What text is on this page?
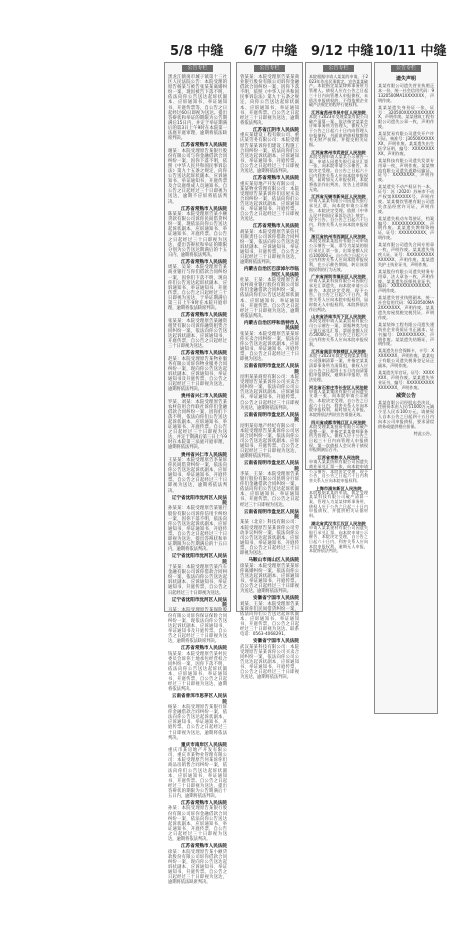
5/8 中缝 6/7 中缝 9/12 中缝 10/11 中缝
公告专栏
黑龙江鹤岗市城子镇第十三社区人民法院公告：本院受理的原告杨某与被告张某某离婚纠纷一案，现因被告下落不明，依法向你公告送达起诉状副本、应诉通知书、举证通知书、开庭传票等，自公告之日起经过60日即视为送达。提出答辩状和举证的期限为公告期满后15日内，并定于举证期满后的第3日上午9时在本院第一法庭开庭审理，逾期将依法缺席判决。
江苏省常熟市人民法院
谢某：本院受理原告某银行股份有限公司与你金融借款合同纠纷一案，因你下落不明，依照《中华人民共和国民事诉讼法》第九十五条之规定，向你公告送达起诉状副本、应诉通知书、举证通知书、开庭传票及合议庭组成人员通知书。自公告之日起经过三十日即视为送达，逾期不应诉将依法判决。
江苏省常熟市人民法院
陈某某：本院受理原告某小额贷款有限公司诉你民间借贷纠纷一案，现依法向你公告送达起诉状副本、应诉通知书、举证通知书、开庭传票。自公告之日起经过三十日即视为送达，提出答辩状和举证的期限分别为公告送达期满后的十五日内，逾期将依法判决。
江苏省常熟市人民法院
周某、吴某：本院受理原告某商业银行与你们借款合同纠纷一案，因你们下落不明，现向你们公告送达起诉状副本、应诉通知书、举证通知书、开庭传票。自公告之日起经过三十日即视为送达，于举证期满后第三日上午9时在本院开庭审理，逾期将依法缺席判决。
江苏省常熟市人民法院
张某某：本院受理原告某融资租赁有限公司诉你融资租赁合同纠纷一案，依法向你公告送达起诉状副本、应诉通知书、开庭传票，自公告之日起经过三十日即视为送达。
江苏省常熟市人民法院
赵某：本院受理原告某物业服务有限公司诉你物业服务合同纠纷一案，现向你公告送达起诉状副本、应诉通知书、举证通知书及开庭传票，自公告之日起经过三十日即视为送达，逾期将依法判决。
贵州省兴仁市人民法院
罗某、刘某：本院受理原告某农村信用合作联社诉你们金融借款合同纠纷一案，因你们下落不明，依法向你们公告送达起诉状副本、应诉通知书、举证通知书、开庭传票。自公告之日起经过三十日即视为送达，并定于期满后第三日上午9时在本院第三法庭开庭审理，逾期将依法判决。
贵州省兴仁市人民法院
王某某：本院受理原告李某诉你民间借贷纠纷一案，依法向你公告送达起诉状副本、应诉通知书、举证通知书、开庭传票。自公告之日起经过三十日即视为送达，逾期将依法判决。
辽宁省沈阳市沈河区人民法院
孙某某：本院受理原告某银行股份有限公司诉你信用卡纠纷一案，因你下落不明，依法向你公告送达起诉状副本、应诉通知书、举证通知书、开庭传票。自公告之日起经过三十日即视为送达，提出答辩状和举证期限为公告期满后的十五日内，逾期将依法判决。
辽宁省沈阳市沈河区人民法院
于某某：本院受理原告某汽车金融有限公司诉你借款合同纠纷一案，依法向你公告送达起诉状副本、应诉通知书、举证通知书、开庭传票，自公告之日起经过三十日即视为送达。
辽宁省沈阳市沈河区人民法院
马某：本院受理原告某保险股份有限公司诉你保证保险合同纠纷一案，现依法向你公告送达起诉状副本、应诉通知书、举证通知书及开庭传票。自公告之日起经过三十日即视为送达，逾期将依法缺席判决。
江苏省常熟市人民法院
钱某某：本院受理原告某村民委员会诉你土地承包经营权合同纠纷一案，因你下落不明，依法向你公告送达起诉状副本、应诉通知书、举证通知书、开庭传票，自公告之日起经过三十日即视为送达，逾期将依法判决。
云南省普洱市思茅区人民法院
杨某：本院受理原告某银行诉你金融借款合同纠纷一案，依法向你公告送达起诉状副本、应诉通知书、举证通知书、开庭传票。自公告之日起经过三十日即视为送达，逾期将依法判决。
重庆市南岸区人民法院
重庆市某房地产开发有限公司、重庆市某物业管理有限公司：本院受理原告何某诉你们商品房销售合同纠纷一案，依法向你们公告送达起诉状副本、应诉通知书、举证通知书、开庭传票。自公告之日起经过三十日即视为送达，提出答辩状的期限为公告期满后十五日内，逾期将依法判决。
江苏省常熟市人民法院
孙某：本院受理原告某银行股份有限公司诉你金融借款合同纠纷一案，依法向你公告送达起诉状副本、应诉通知书、举证通知书、开庭传票，自公告之日起经过三十日即视为送达，逾期将依法判决。
江苏省常熟市人民法院
徐某：本院受理原告某小额贷款股份有限公司诉你借款合同纠纷一案，现向你公告送达起诉状副本、应诉通知书、举证通知书、开庭传票。自公告之日起经过三十日即视为送达，逾期将依法缺席判决。
公告专栏
曾某某：本院受理原告某某商业银行股份有限公司诉你金融借款合同纠纷一案，因你下落不明，依照《中华人民共和国民事诉讼法》第九十五条之规定，向你公告送达起诉状副本、应诉通知书、举证通知书、开庭传票。自公告之日起经过三十日即视为送达，逾期将依法判决。
江苏省江阴市人民法院
重庆某建设工程有限公司、重庆某劳务有限公司：本院受理原告某某诉你们建设工程施工合同纠纷一案，依法向你们公告送达起诉状副本、应诉通知书、举证通知书、开庭传票，自公告之日起经过三十日即视为送达，逾期将依法判决。
江苏省常熟市人民法院
重庆某房地产开发有限公司、某某物业管理有限公司：本院受理原告某某诉你们房屋买卖合同纠纷一案，依法向你们公告送达起诉状副本、应诉通知书、举证通知书、开庭传票。自公告之日起经过三十日即视为送达。
江苏省常熟市人民法院
胡某某：本院受理原告某信托有限责任公司诉你借款合同纠纷一案，依法向你公告送达起诉状副本、应诉通知书、举证通知书、开庭传票，自公告之日起经过三十日即视为送达，逾期将依法判决。
内蒙古自治区巴彦淖尔市临河区人民法院
杜某、王某：本院受理原告某农村商业银行股份有限公司诉你们金融借款合同纠纷一案，依法向你们公告送达起诉状副本、应诉通知书、举证通知书、开庭传票。自公告之日起经过三十日即视为送达，逾期将依法判决。
内蒙古自治区呼和浩特市人民法院
张某某：本院受理原告某某诉你买卖合同纠纷一案，依法向你公告送达起诉状副本、应诉通知书、举证通知书、开庭传票，自公告之日起经过三十日即视为送达。
云南省昆明市盘龙区人民法院
昆明某某商贸有限公司：本院受理原告某某诉你公司买卖合同纠纷一案，依法向你公司公告送达起诉状副本、应诉通知书、举证通知书、开庭传票。自公告之日起经过三十日即视为送达，逾期将依法判决。
云南省昆明市盘龙区人民法院
昆明某房地产经纪有限公司：本院受理原告某某诉你公司居间合同纠纷一案，依法向你公司公告送达起诉状副本、应诉通知书、开庭传票，自公告之日起经过三十日即视为送达，逾期将依法判决。
云南省昆明市盘龙区人民法院
李某、王某：本院受理原告某银行股份有限公司昆明分行诉你们金融借款合同纠纷一案，依法向你们公告送达起诉状副本、应诉通知书、举证通知书、开庭传票。自公告之日起经过三十日即视为送达。
云南省昆明市盘龙区人民法院
某某（北京）科技有限公司：本院受理原告某某诉你公司劳动争议纠纷一案，依法向你公司公告送达起诉状副本、应诉通知书、举证通知书、开庭传票，自公告之日起经过三十日即视为送达。
马鞍山市雨山区人民法院
徐某某：本院受理原告某某诉你离婚纠纷一案，依法向你公告送达起诉状副本、应诉通知书、举证通知书、开庭传票。自公告之日起经过三十日即视为送达，逾期将依法判决。
安徽省宁国市人民法院
刘某、王某：本院受理原告某某诉你们民间借贷纠纷一案，依法向你们公告送达起诉状副本、应诉通知书、举证通知书、开庭传票，自公告之日起经过三十日即视为送达。联系电话：0563-4068291。
安徽省宁国市人民法院
武汉某某科技有限公司：本院受理原告某某诉你公司买卖合同纠纷一案，依法向你公司公告送达起诉状副本、应诉通知书、举证通知书、开庭传票，自公告之日起经过三十日即视为送达，逾期将依法判决。
公告专栏
本院根据申请人某某的申请，于2023年作出民事裁定，宣告某某破产。本院指定某某律师事务所为管理人。债权人应在公告之日起三十日内向管理人申报债权，未依法申报债权的，不得依照企业破产法规定的程序行使权利。
江苏省苏州市吴中区人民法院
本院于2023年受理某某有限公司破产清算一案，依法指定某某会计师事务所为管理人，债权人应于公告之日起六十日内向管理人申报债权，书面说明债权数额和有无财产担保，并提交相关证据。
江苏省常州市武进区人民法院
本院受理申请人某某公示催告一案，申请人因遗失银行承兑汇票一张，向本院申请公示催告，本院决定受理。自公告之日起六十日内利害关系人应向本院申报权利，届时如无人申报权利，本院将依法作出判决，宣告上述票据无效。
江苏省无锡市新吴区人民法院
申请人某某有限公司因遗失银行承兑汇票，向本院申请公示催告，本院决定受理。依照《中华人民共和国民事诉讼法》规定，现予公告。自公告之日起六十日内，利害关系人应向本院申报权利。
浙江省杭州市西湖区人民法院
本院受理某某股份有限公司申请公示催告一案，票号为某某的银行承兑汇票一张，出票金额人民币100000元，自公告之日起六十日内利害关系人应向本院申报权利，在公示催告期间，转让该票据权利的行为无效。
广东省深圳市福田区人民法院
申请人某某科技有限公司因银行承兑汇票遗失，向本院申请公示催告，本院决定受理，现予公告。自公告之日起六十日内，利害关系人应向本院申报权利，届时如无人申报权利，本院将依法作出判决。
山东省济南市历下区人民法院
本院受理申请人某某贸易有限公司公示催告一案，票据种类为电子银行承兑汇票，票面金额人民币50000元，自公告之日起六十日内利害关系人应向本院申报权利。
江苏省南京市鼓楼区人民法院
本院于2023年裁定受理某某有限公司强制清算一案，并指定某某清算事务所为清算组，债权人应自公告之日起四十五日内向清算组申报债权，逾期未申报的，依法处理。
河北省石家庄市长安区人民法院
申请人某某集团有限公司因遗失支票一张，向本院申请公示催告，本院决定受理，自公告之日起六十日内，利害关系人应向本院申报权利，届时如无人申报，本院将依法判决宣告票据无效。
四川省成都市锦江区人民法院
本院受理某某投资有限公司破产重整一案，并指定某某律师事务所为管理人。债权人应于公告之日起三十日内向管理人申报债权，第一次债权人会议将于债权申报期满后召开。
江苏省常熟市人民法院
申请人某某纺织有限公司因遗失商业承兑汇票一张，向本院申请公示催告，本院决定受理，现予公告，自公告之日起六十日内利害关系人应向本院申报权利。
上海市浦东新区人民法院
本院根据某某的申请，裁定受理某某科技有限公司破产清算一案，管理人为某某律师事务所，债权人应于公告之日起三十日内申报债权，并提供相关证据材料。
湖北省武汉市江汉区人民法院
申请人某某建材有限公司因遗失银行承兑汇票，向本院申请公示催告，本院决定受理，自公告之日起六十日内，利害关系人应向本院申报权利，逾期无人申报，本院将依法判决。
公告专栏
遗失声明
某某有限公司遗失营业执照正本一份，统一社会信用代码：91320500MA1XXXXXXX，声明作废。
某某某遗失身份证一张，证号：320500XXXXXXXXXXXX，声明作废。某某建筑工程有限公司遗失公章一枚，声明作废。
某某贸易有限公司遗失开户许可证，核准号：J30500XXXXXXX，声明作废。某某遗失出生医学证明，编号：XXXXXXXXXX，声明作废。
某某科技有限公司遗失发票专用章一枚，声明作废。某某物流有限公司遗失道路运输证，证号：XXXXXXXX，声明作废。
某某遗失不动产权证书一本，证号：苏（2020）苏州市不动产权第XXXXXXX号，声明作废。某某餐饮管理有限公司遗失食品经营许可证，声明作废。
某某遗失机动车驾驶证，档案编号：XXXXXXXXXXXX，声明作废。某某遗失教师资格证，证号：XXXXXXXXXX，声明作废。
某某有限公司遗失合同专用章一枚，声明作废。某某遗失残疾人证，证号：XXXXXXXXXXXXXXXX，声明作废。某某遗失护士执业证书，声明作废。
某某股份有限公司遗失财务专用章、法人章各一枚，声明作废。某某遗失医师执业证书，编码：XXXXXXXXXXXXXX，声明作废。
某某遗失营业执照副本，统一社会信用代码：92320500MA2XXXXXXX，声明作废。某某遗失房屋契税完税凭证，声明作废。
某某装饰工程有限公司遗失建筑业企业资质证书正副本，证书编号：DXXXXXXXXX，声明作废。某某遗失结婚证，声明作废。
某某遗失社会保障卡，卡号：XXXXXXXX，声明作废。某某电子有限公司遗失税务登记证正副本，声明作废。
某某遗失军官证，证号：XXXXXXX，声明作废。某某遗失毕业证书，编号：XXXXXXXXXXXXXXXXX，声明作废。
减资公告
某某有限公司经股东会决议，注册资本由人民币1000万元减少至人民币100万元，请债权人自本公告之日起四十五日内向本公司申报债权，要求清偿债务或提供相应担保。
特此公告。
